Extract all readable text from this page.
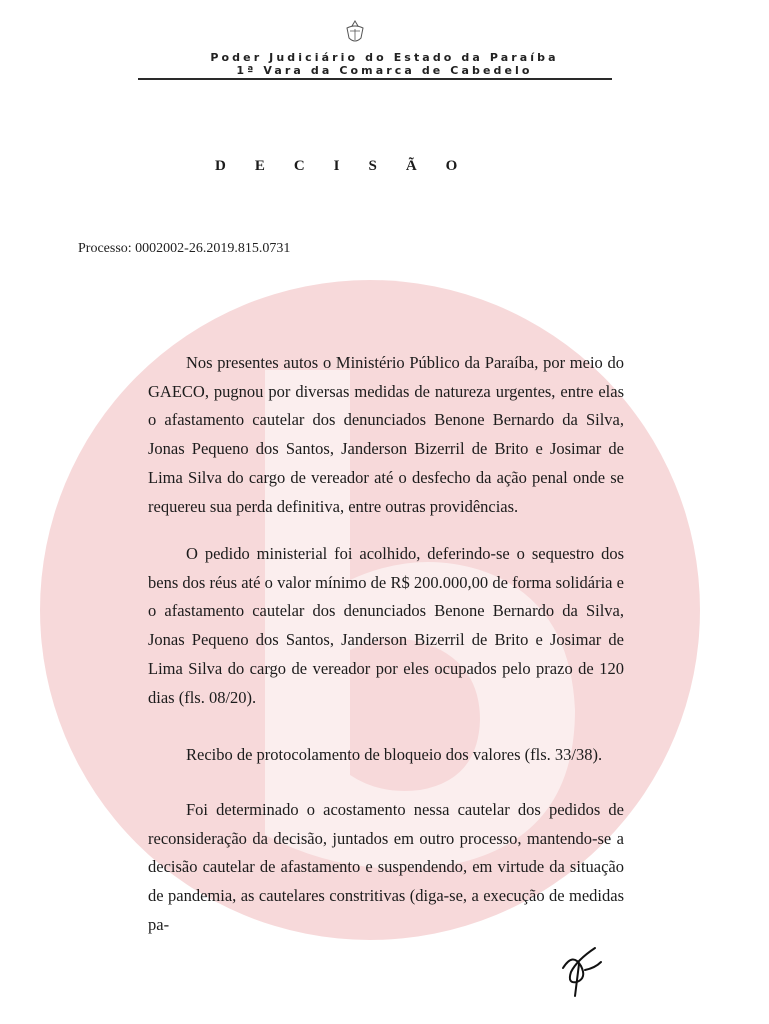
Poder Judiciário do Estado da Paraíba
1ª Vara da Comarca de Cabedelo
DECISÃO
Processo: 0002002-26.2019.815.0731

Nos presentes autos o Ministério Público da Paraíba, por meio do GAECO, pugnou por diversas medidas de natureza urgentes, entre elas o afastamento cautelar dos denunciados Benone Bernardo da Silva, Jonas Pequeno dos Santos, Janderson Bizerril de Brito e Josimar de Lima Silva do cargo de vereador até o desfecho da ação penal onde se requereu sua perda definitiva, entre outras providências.

O pedido ministerial foi acolhido, deferindo-se o sequestro dos bens dos réus até o valor mínimo de R$ 200.000,00 de forma solidária e o afastamento cautelar dos denunciados Benone Bernardo da Silva, Jonas Pequeno dos Santos, Janderson Bizerril de Brito e Josimar de Lima Silva do cargo de vereador por eles ocupados pelo prazo de 120 dias (fls. 08/20).

Recibo de protocolamento de bloqueio dos valores (fls. 33/38).

Foi determinado o acostamento nessa cautelar dos pedidos de reconsideração da decisão, juntados em outro processo, mantendo-se a decisão cautelar de afastamento e suspendendo, em virtude da situação de pandemia, as cautelares constritivas (diga-se, a execução de medidas pa-
